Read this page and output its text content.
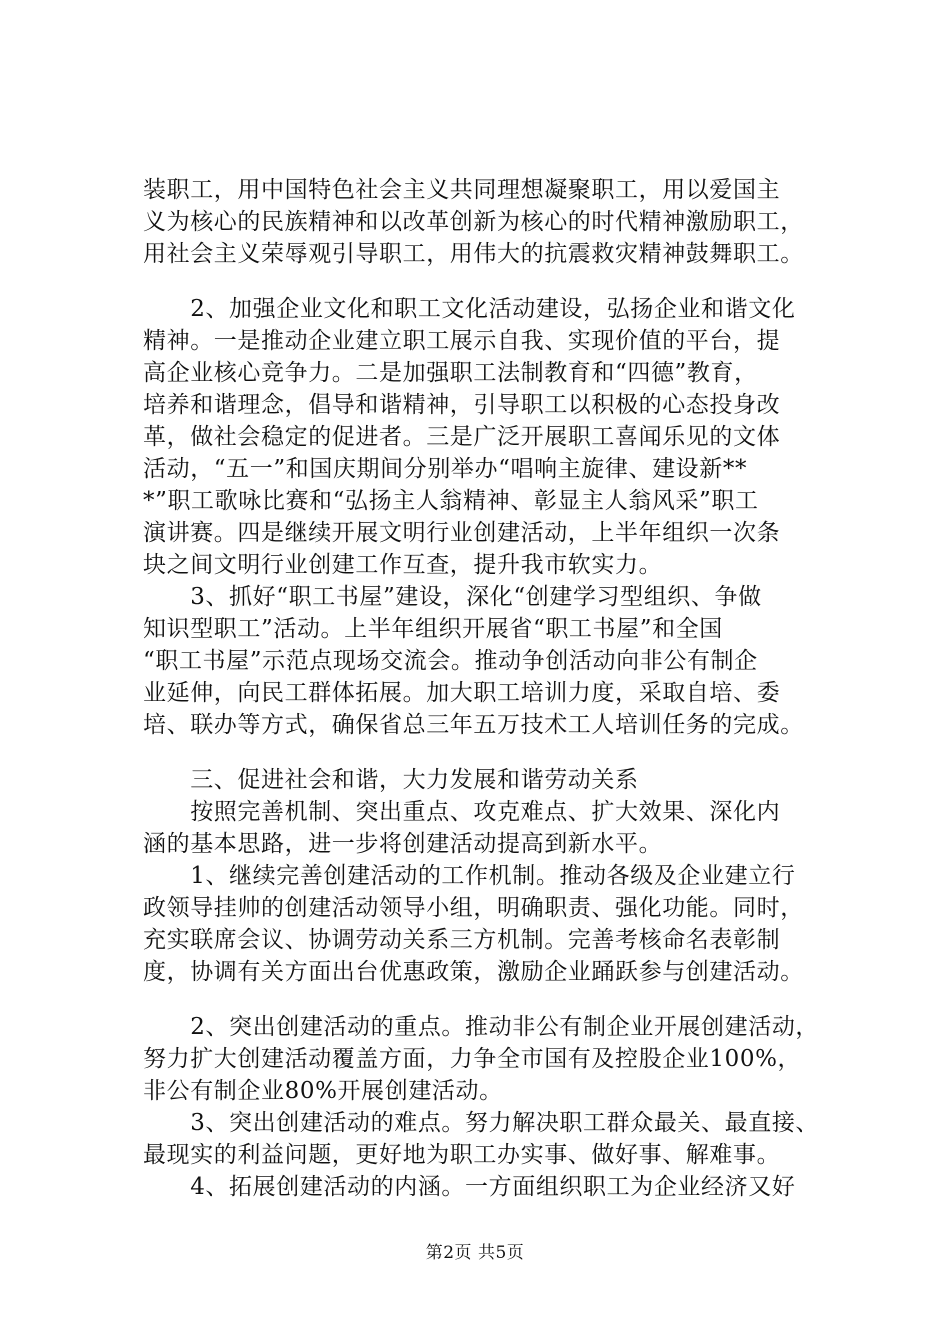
装职工，用中国特色社会主义共同理想凝聚职工，用以爱国主
义为核心的民族精神和以改革创新为核心的时代精神激励职工，
用社会主义荣辱观引导职工，用伟大的抗震救灾精神鼓舞职工。
　　2、加强企业文化和职工文化活动建设，弘扬企业和谐文化
精神。一是推动企业建立职工展示自我、实现价值的平台，提
高企业核心竞争力。二是加强职工法制教育和“四德”教育，
培养和谐理念，倡导和谐精神，引导职工以积极的心态投身改
革，做社会稳定的促进者。三是广泛开展职工喜闻乐见的文体
活动，“五一”和国庆期间分别举办“唱响主旋律、建设新**
*”职工歌咏比赛和“弘扬主人翁精神、彰显主人翁风采”职工
演讲赛。四是继续开展文明行业创建活动，上半年组织一次条
块之间文明行业创建工作互查，提升我市软实力。
　　3、抓好“职工书屋”建设，深化“创建学习型组织、争做
知识型职工”活动。上半年组织开展省“职工书屋”和全国
“职工书屋”示范点现场交流会。推动争创活动向非公有制企
业延伸，向民工群体拓展。加大职工培训力度，采取自培、委
培、联办等方式，确保省总三年五万技术工人培训任务的完成。
　　三、促进社会和谐，大力发展和谐劳动关系
　　按照完善机制、突出重点、攻克难点、扩大效果、深化内
涵的基本思路，进一步将创建活动提高到新水平。
　　1、继续完善创建活动的工作机制。推动各级及企业建立行
政领导挂帅的创建活动领导小组，明确职责、强化功能。同时，
充实联席会议、协调劳动关系三方机制。完善考核命名表彰制
度，协调有关方面出台优惠政策，激励企业踊跃参与创建活动。
　　2、突出创建活动的重点。推动非公有制企业开展创建活动，
努力扩大创建活动覆盖方面，力争全市国有及控股企业100%，
非公有制企业80%开展创建活动。
　　3、突出创建活动的难点。努力解决职工群众最关、最直接、
最现实的利益问题，更好地为职工办实事、做好事、解难事。
　　4、拓展创建活动的内涵。一方面组织职工为企业经济又好
第2页 共5页
